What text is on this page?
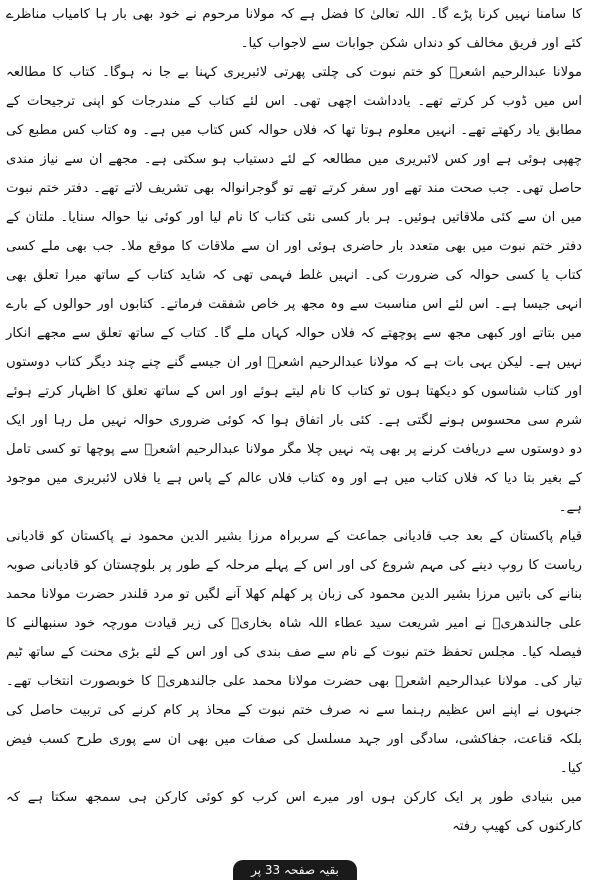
کا سامنا نہیں کرنا پڑے گا۔ اللہ تعالیٰ کا فضل ہے کہ مولانا مرحوم نے خود بھی بار ہا کامیاب مناظرے کئے اور فریق مخالف کو دنداں شکن جوابات سے لاجواب کیا۔

مولانا عبدالرحیم اشعرؒ کو ختم نبوت کی چلتی پھرتی لائبریری کہنا بے جا نہ ہوگا۔ کتاب کا مطالعہ اس میں ڈوب کر کرتے تھے۔ یادداشت اچھی تھی۔ اس لئے کتاب کے مندرجات کو اپنی ترجیحات کے مطابق یاد رکھتے تھے۔ انہیں معلوم ہوتا تھا کہ فلاں حوالہ کس کتاب میں ہے۔ وہ کتاب کس مطبع کی چھپی ہوئی ہے اور کس لائبریری میں مطالعہ کے لئے دستیاب ہو سکتی ہے۔ مجھے ان سے نیاز مندی حاصل تھی۔ جب صحت مند تھے اور سفر کرتے تھے تو گوجرانوالہ بھی تشریف لاتے تھے۔ دفتر ختم نبوت میں ان سے کئی ملاقاتیں ہوئیں۔ ہر بار کسی نئی کتاب کا نام لیا اور کوئی نیا حوالہ سنایا۔ ملتان کے دفتر ختم نبوت میں بھی متعدد بار حاضری ہوئی اور ان سے ملاقات کا موقع ملا۔ جب بھی ملے کسی کتاب یا کسی حوالہ کی ضرورت کی۔ انہیں غلط فہمی تھی کہ شاید کتاب کے ساتھ میرا تعلق بھی انہی جیسا ہے۔ اس لئے اس مناسبت سے وہ مجھ پر خاص شفقت فرماتے۔ کتابوں اور حوالوں کے بارے میں بتاتے اور کبھی مجھ سے پوچھتے کہ فلاں حوالہ کہاں ملے گا۔ کتاب کے ساتھ تعلق سے مجھے انکار نہیں ہے۔ لیکن یہی بات ہے کہ مولانا عبدالرحیم اشعرؒ اور ان جیسے گنے چنے چند دیگر کتاب دوستوں اور کتاب شناسوں کو دیکھتا ہوں تو کتاب کا نام لیتے ہوئے اور اس کے ساتھ تعلق کا اظہار کرتے ہوئے شرم سی محسوس ہونے لگتی ہے۔ کئی بار اتفاق ہوا کہ کوئی ضروری حوالہ نہیں مل رہا اور ایک دو دوستوں سے دریافت کرنے پر بھی پتہ نہیں چلا مگر مولانا عبدالرحیم اشعرؒ سے پوچھا تو کسی تامل کے بغیر بتا دیا کہ فلاں کتاب میں ہے اور وہ کتاب فلاں عالم کے پاس ہے یا فلاں لائبریری میں موجود ہے۔

قیام پاکستان کے بعد جب قادیانی جماعت کے سربراہ مرزا بشیر الدین محمود نے پاکستان کو قادیانی ریاست کا روپ دینے کی مہم شروع کی اور اس کے پہلے مرحلہ کے طور پر بلوچستان کو قادیانی صوبہ بنانے کی باتیں مرزا بشیر الدین محمود کی زبان پر کھلم کھلا آنے لگیں تو مرد قلندر حضرت مولانا محمد علی جالندھریؒ نے امیر شریعت سید عطاء اللہ شاہ بخاریؒ کی زیر قیادت مورچہ خود سنبھالنے کا فیصلہ کیا۔ مجلس تحفظ ختم نبوت کے نام سے صف بندی کی اور اس کے لئے بڑی محنت کے ساتھ ٹیم تیار کی۔ مولانا عبدالرحیم اشعرؒ بھی حضرت مولانا محمد علی جالندھریؒ کا خوبصورت انتخاب تھے۔ جنہوں نے اپنے اس عظیم رہنما سے نہ صرف ختم نبوت کے محاذ پر کام کرنے کی تربیت حاصل کی بلکہ قناعت، جفاکشی، سادگی اور جہد مسلسل کی صفات میں بھی ان سے پوری طرح کسب فیض کیا۔

میں بنیادی طور پر ایک کارکن ہوں اور میرے اس کرب کو کوئی کارکن ہی سمجھ سکتا ہے کہ کارکنوں کی کھیپ رفتہ

بقیہ صفحہ 33 پر
